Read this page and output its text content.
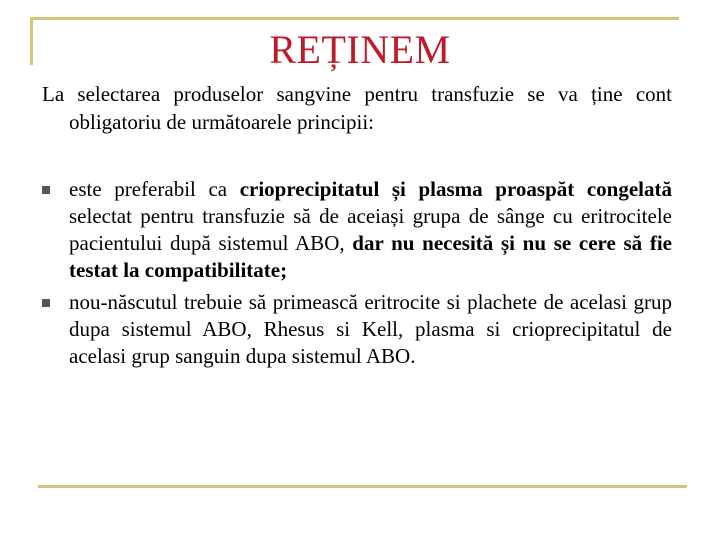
REȚINEM
La selectarea produselor sangvine pentru transfuzie se va ține cont obligatoriu de următoarele principii:
este preferabil ca crioprecipitatul și plasma proaspăt congelată selectat pentru transfuzie să de aceiași grupa de sânge cu eritrocitele pacientului după sistemul ABO, dar nu necesită și nu se cere să fie testat la compatibilitate;
nou-născutul trebuie să primească eritrocite si plachete de acelasi grup dupa sistemul ABO, Rhesus si Kell, plasma si crioprecipitatul de acelasi grup sanguin dupa sistemul ABO.
